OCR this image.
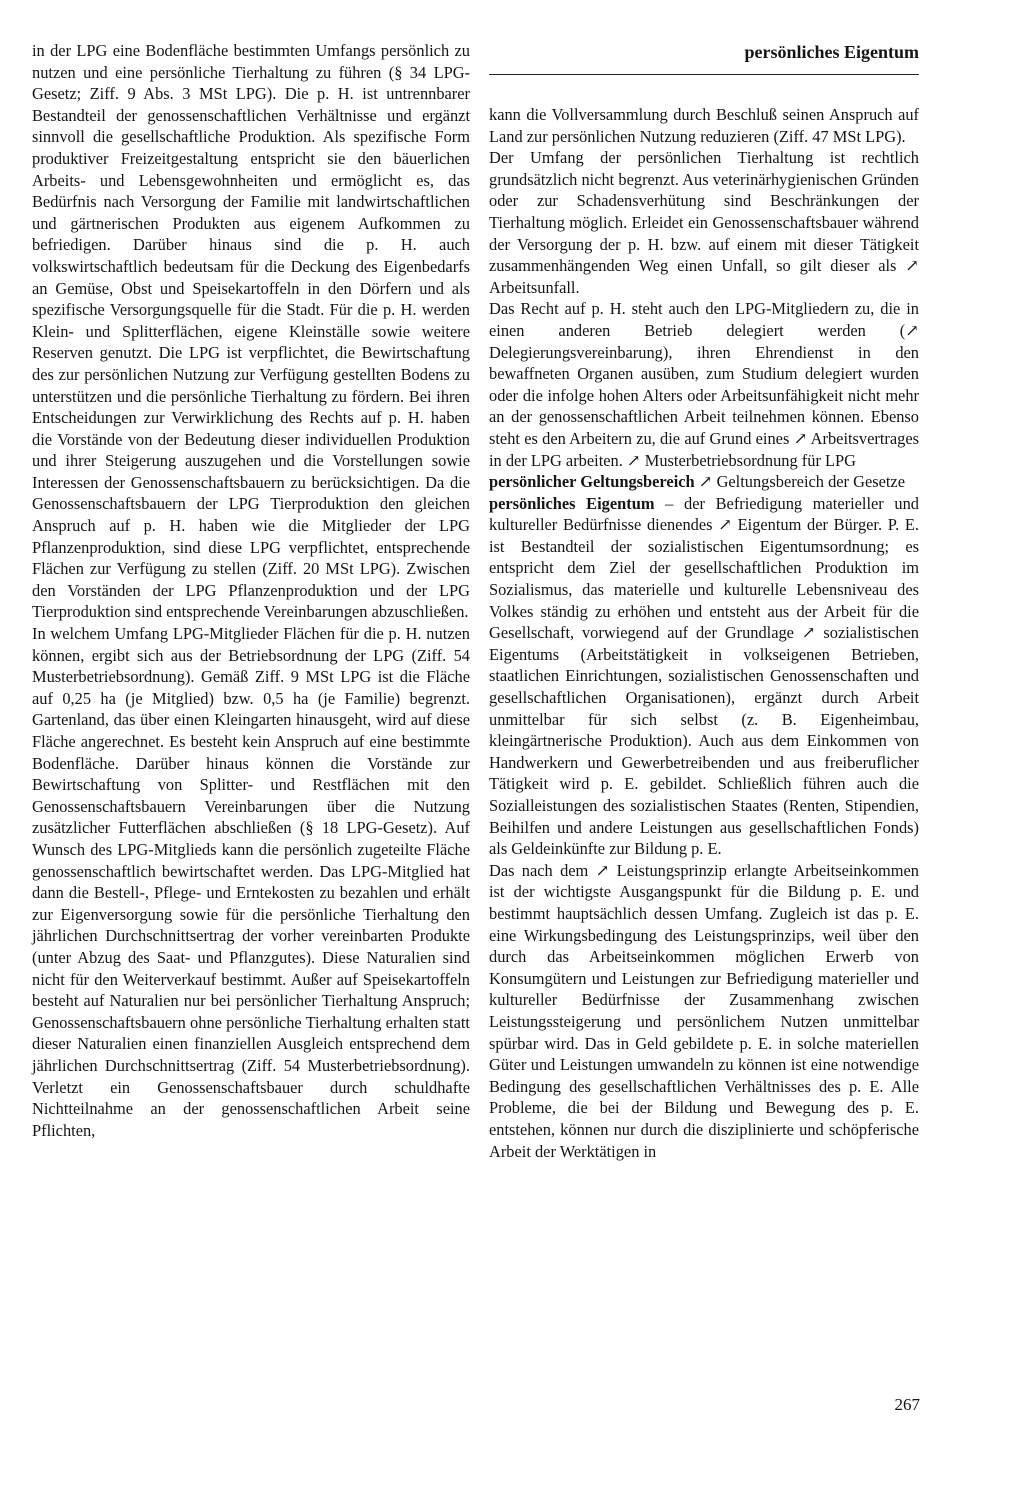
persönliches Eigentum

in der LPG eine Bodenfläche bestimmten Umfangs persönlich zu nutzen und eine persönliche Tierhaltung zu führen (§ 34 LPG-Gesetz; Ziff. 9 Abs. 3 MSt LPG). Die p. H. ist untrennbarer Bestandteil der genossenschaftlichen Verhältnisse und ergänzt sinnvoll die gesellschaftliche Produktion. Als spezifische Form produktiver Freizeitgestaltung entspricht sie den bäuerlichen Arbeits- und Lebensgewohnheiten und ermöglicht es, das Bedürfnis nach Versorgung der Familie mit landwirtschaftlichen und gärtnerischen Produkten aus eigenem Aufkommen zu befriedigen. Darüber hinaus sind die p. H. auch volkswirtschaftlich bedeutsam für die Deckung des Eigenbedarfs an Gemüse, Obst und Speisekartoffeln in den Dörfern und als spezifische Versorgungsquelle für die Stadt. Für die p. H. werden Klein- und Splitterflächen, eigene Kleinställe sowie weitere Reserven genutzt. Die LPG ist verpflichtet, die Bewirtschaftung des zur persönlichen Nutzung zur Verfügung gestellten Bodens zu unterstützen und die persönliche Tierhaltung zu fördern. Bei ihren Entscheidungen zur Verwirklichung des Rechts auf p. H. haben die Vorstände von der Bedeutung dieser individuellen Produktion und ihrer Steigerung auszugehen und die Vorstellungen sowie Interessen der Genossenschaftsbauern zu berücksichtigen. Da die Genossenschaftsbauern der LPG Tierproduktion den gleichen Anspruch auf p. H. haben wie die Mitglieder der LPG Pflanzenproduktion, sind diese LPG verpflichtet, entsprechende Flächen zur Verfügung zu stellen (Ziff. 20 MSt LPG). Zwischen den Vorständen der LPG Pflanzenproduktion und der LPG Tierproduktion sind entsprechende Vereinbarungen abzuschließen.

In welchem Umfang LPG-Mitglieder Flächen für die p. H. nutzen können, ergibt sich aus der Betriebsordnung der LPG (Ziff. 54 Musterbetriebsordnung). Gemäß Ziff. 9 MSt LPG ist die Fläche auf 0,25 ha (je Mitglied) bzw. 0,5 ha (je Familie) begrenzt. Gartenland, das über einen Kleingarten hinausgeht, wird auf diese Fläche angerechnet. Es besteht kein Anspruch auf eine bestimmte Bodenfläche. Darüber hinaus können die Vorstände zur Bewirtschaftung von Splitter- und Restflächen mit den Genossenschaftsbauern Vereinbarungen über die Nutzung zusätzlicher Futterflächen abschließen (§ 18 LPG-Gesetz). Auf Wunsch des LPG-Mitglieds kann die persönlich zugeteilte Fläche genossenschaftlich bewirtschaftet werden. Das LPG-Mitglied hat dann die Bestell-, Pflege- und Erntekosten zu bezahlen und erhält zur Eigenversorgung sowie für die persönliche Tierhaltung den jährlichen Durchschnittsertrag der vorher vereinbarten Produkte (unter Abzug des Saat- und Pflanzgutes). Diese Naturalien sind nicht für den Weiterverkauf bestimmt. Außer auf Speisekartoffeln besteht auf Naturalien nur bei persönlicher Tierhaltung Anspruch; Genossenschaftsbauern ohne persönliche Tierhaltung erhalten statt dieser Naturalien einen finanziellen Ausgleich entsprechend dem jährlichen Durchschnittsertrag (Ziff. 54 Musterbetriebsordnung). Verletzt ein Genossenschaftsbauer durch schuldhafte Nichtteilnahme an der genossenschaftlichen Arbeit seine Pflichten,

kann die Vollversammlung durch Beschluß seinen Anspruch auf Land zur persönlichen Nutzung reduzieren (Ziff. 47 MSt LPG).

Der Umfang der persönlichen Tierhaltung ist rechtlich grundsätzlich nicht begrenzt. Aus veterinärhygienischen Gründen oder zur Schadensverhütung sind Beschränkungen der Tierhaltung möglich. Erleidet ein Genossenschaftsbauer während der Versorgung der p. H. bzw. auf einem mit dieser Tätigkeit zusammenhängenden Weg einen Unfall, so gilt dieser als ↗ Arbeitsunfall.

Das Recht auf p. H. steht auch den LPG-Mitgliedern zu, die in einen anderen Betrieb delegiert werden (↗ Delegierungsvereinbarung), ihren Ehrendienst in den bewaffneten Organen ausüben, zum Studium delegiert wurden oder die infolge hohen Alters oder Arbeitsunfähigkeit nicht mehr an der genossenschaftlichen Arbeit teilnehmen können. Ebenso steht es den Arbeitern zu, die auf Grund eines ↗ Arbeitsvertrages in der LPG arbeiten. ↗ Musterbetriebsordnung für LPG

persönlicher Geltungsbereich ↗ Geltungsbereich der Gesetze

persönliches Eigentum – der Befriedigung materieller und kultureller Bedürfnisse dienendes ↗ Eigentum der Bürger. P. E. ist Bestandteil der sozialistischen Eigentumsordnung; es entspricht dem Ziel der gesellschaftlichen Produktion im Sozialismus, das materielle und kulturelle Lebensniveau des Volkes ständig zu erhöhen und entsteht aus der Arbeit für die Gesellschaft, vorwiegend auf der Grundlage ↗ sozialistischen Eigentums (Arbeitstätigkeit in volkseigenen Betrieben, staatlichen Einrichtungen, sozialistischen Genossenschaften und gesellschaftlichen Organisationen), ergänzt durch Arbeit unmittelbar für sich selbst (z. B. Eigenheimbau, kleingärtnerische Produktion). Auch aus dem Einkommen von Handwerkern und Gewerbetreibenden und aus freiberuflicher Tätigkeit wird p. E. gebildet. Schließlich führen auch die Sozialleistungen des sozialistischen Staates (Renten, Stipendien, Beihilfen und andere Leistungen aus gesellschaftlichen Fonds) als Geldeinkünfte zur Bildung p. E.

Das nach dem ↗ Leistungsprinzip erlangte Arbeitseinkommen ist der wichtigste Ausgangspunkt für die Bildung p. E. und bestimmt hauptsächlich dessen Umfang. Zugleich ist das p. E. eine Wirkungsbedingung des Leistungsprinzips, weil über den durch das Arbeitseinkommen möglichen Erwerb von Konsumgütern und Leistungen zur Befriedigung materieller und kultureller Bedürfnisse der Zusammenhang zwischen Leistungssteigerung und persönlichem Nutzen unmittelbar spürbar wird. Das in Geld gebildete p. E. in solche materiellen Güter und Leistungen umwandeln zu können ist eine notwendige Bedingung des gesellschaftlichen Verhältnisses des p. E. Alle Probleme, die bei der Bildung und Bewegung des p. E. entstehen, können nur durch die disziplinierte und schöpferische Arbeit der Werktätigen in

267
